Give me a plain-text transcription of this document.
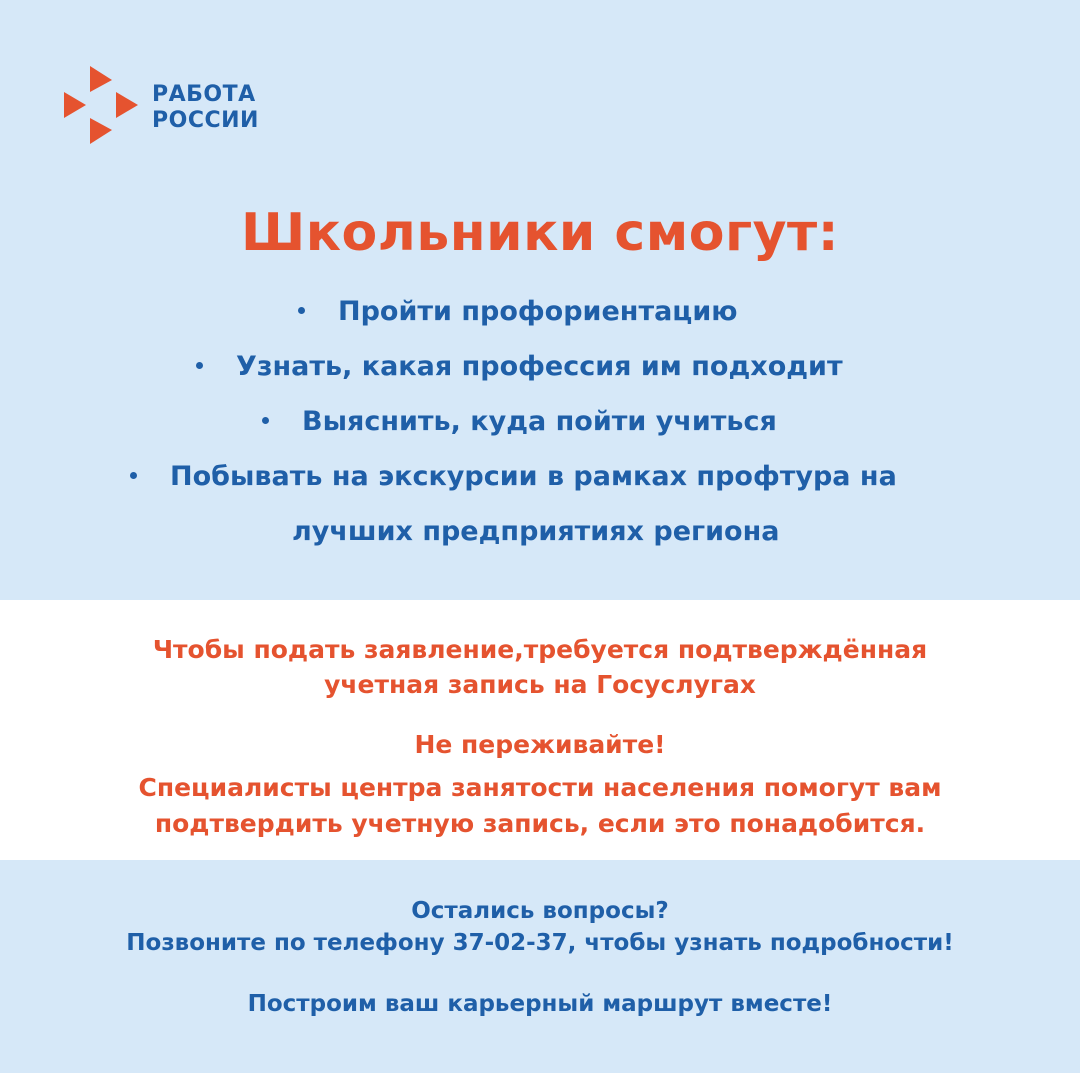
РАБОТА
РОССИИ
Школьники смогут:
Пройти профориентацию
Узнать, какая профессия им подходит
Выяснить, куда пойти учиться
Побывать на экскурсии в рамках профтура на
лучших предприятиях региона
Чтобы подать заявление,требуется подтверждённая
учетная запись на Госуслугах
Не переживайте!
Специалисты центра занятости населения помогут вам
подтвердить учетную запись, если это понадобится.
Остались вопросы?
Позвоните по телефону 37-02-37, чтобы узнать подробности!
Построим ваш карьерный маршрут вместе!
